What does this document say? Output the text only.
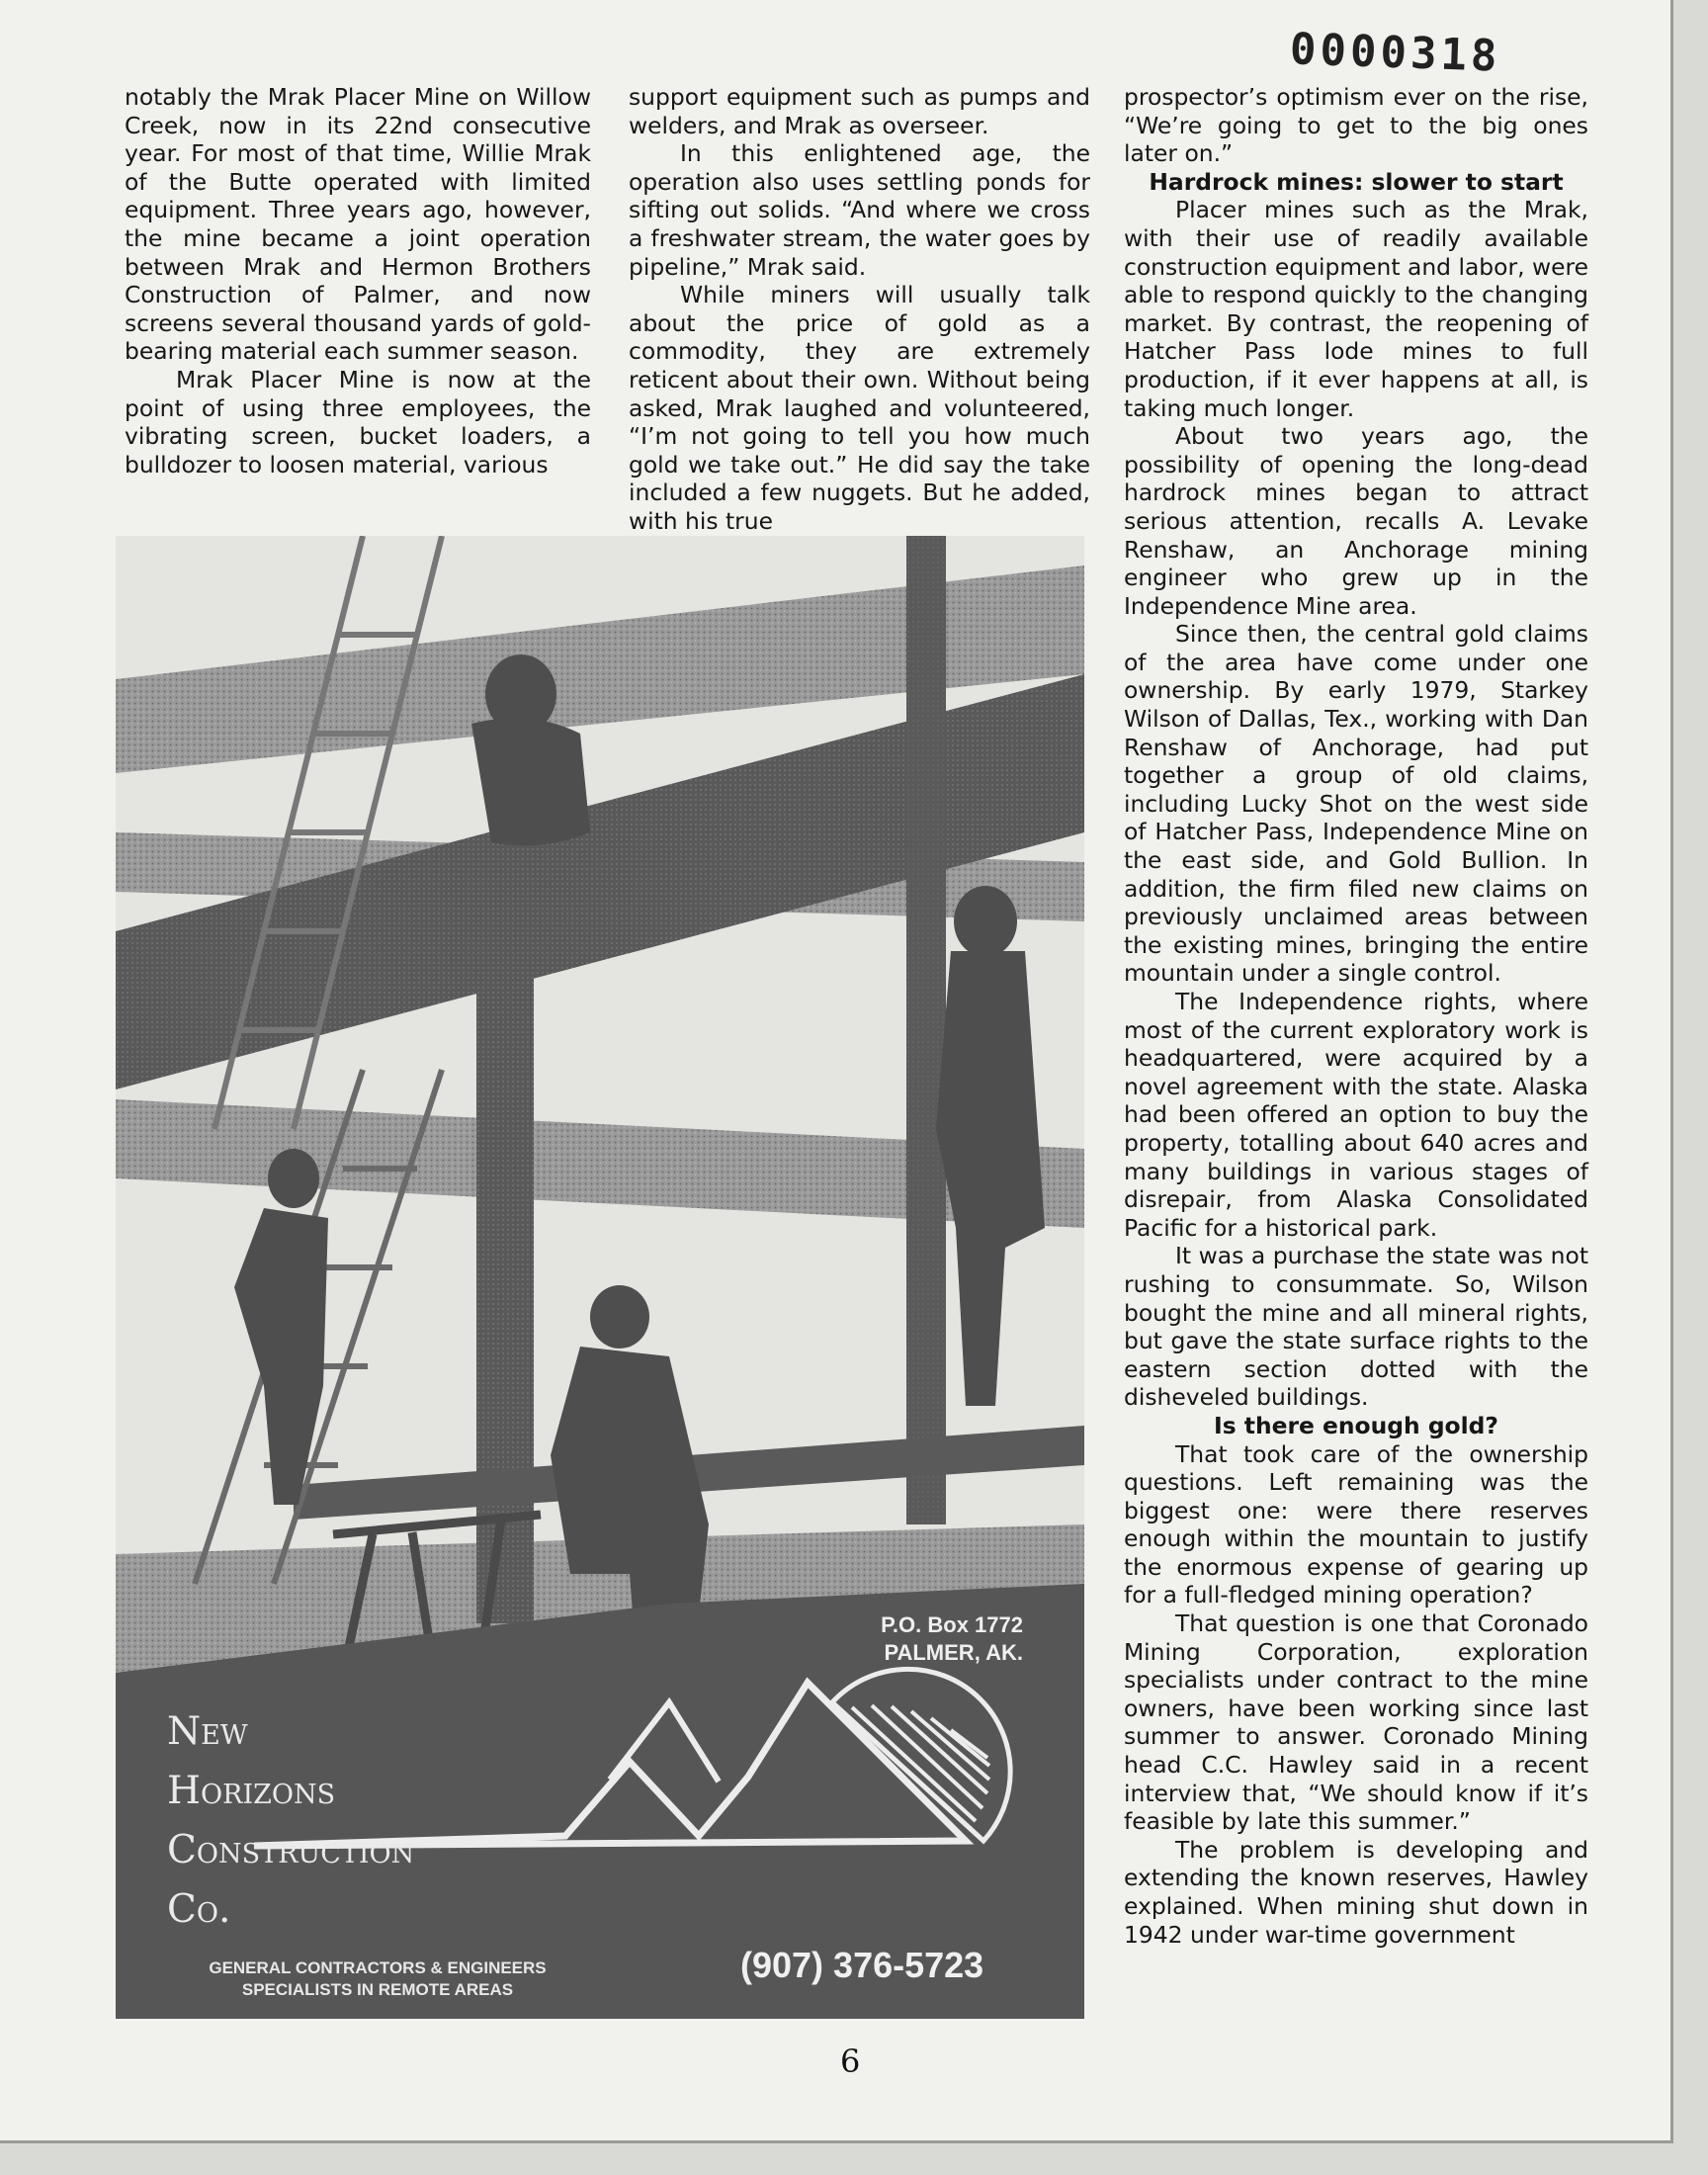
0000318

notably the Mrak Placer Mine on Willow Creek, now in its 22nd consecutive year. For most of that time, Willie Mrak of the Butte operated with limited equipment. Three years ago, however, the mine became a joint operation between Mrak and Hermon Brothers Construction of Palmer, and now screens several thousand yards of gold-bearing material each summer season.

Mrak Placer Mine is now at the point of using three employees, the vibrating screen, bucket loaders, a bulldozer to loosen material, various

support equipment such as pumps and welders, and Mrak as overseer.

In this enlightened age, the operation also uses settling ponds for sifting out solids. “And where we cross a freshwater stream, the water goes by pipeline,” Mrak said.

While miners will usually talk about the price of gold as a commodity, they are extremely reticent about their own. Without being asked, Mrak laughed and volunteered, “I’m not going to tell you how much gold we take out.” He did say the take included a few nuggets. But he added, with his true

prospector’s optimism ever on the rise, “We’re going to get to the big ones later on.”

Hardrock mines: slower to start

Placer mines such as the Mrak, with their use of readily available construction equipment and labor, were able to respond quickly to the changing market. By contrast, the reopening of Hatcher Pass lode mines to full production, if it ever happens at all, is taking much longer.

About two years ago, the possibility of opening the long-dead hardrock mines began to attract serious attention, recalls A. Levake Renshaw, an Anchorage mining engineer who grew up in the Independence Mine area.

Since then, the central gold claims of the area have come under one ownership. By early 1979, Starkey Wilson of Dallas, Tex., working with Dan Renshaw of Anchorage, had put together a group of old claims, including Lucky Shot on the west side of Hatcher Pass, Independence Mine on the east side, and Gold Bullion. In addition, the firm filed new claims on previously unclaimed areas between the existing mines, bringing the entire mountain under a single control.

The Independence rights, where most of the current exploratory work is headquartered, were acquired by a novel agreement with the state. Alaska had been offered an option to buy the property, totalling about 640 acres and many buildings in various stages of disrepair, from Alaska Consolidated Pacific for a historical park.

It was a purchase the state was not rushing to consummate. So, Wilson bought the mine and all mineral rights, but gave the state surface rights to the eastern section dotted with the disheveled buildings.

Is there enough gold?

That took care of the ownership questions. Left remaining was the biggest one: were there reserves enough within the mountain to justify the enormous expense of gearing up for a full-fledged mining operation?

That question is one that Coronado Mining Corporation, exploration specialists under contract to the mine owners, have been working since last summer to answer. Coronado Mining head C.C. Hawley said in a recent interview that, “We should know if it’s feasible by late this summer.”

The problem is developing and extending the known reserves, Hawley explained. When mining shut down in 1942 under war-time government

P.O. Box 1772
PALMER, AK.
New
Horizons
Construction
Co.
GENERAL CONTRACTORS & ENGINEERS
SPECIALISTS IN REMOTE AREAS
(907) 376-5723
6
